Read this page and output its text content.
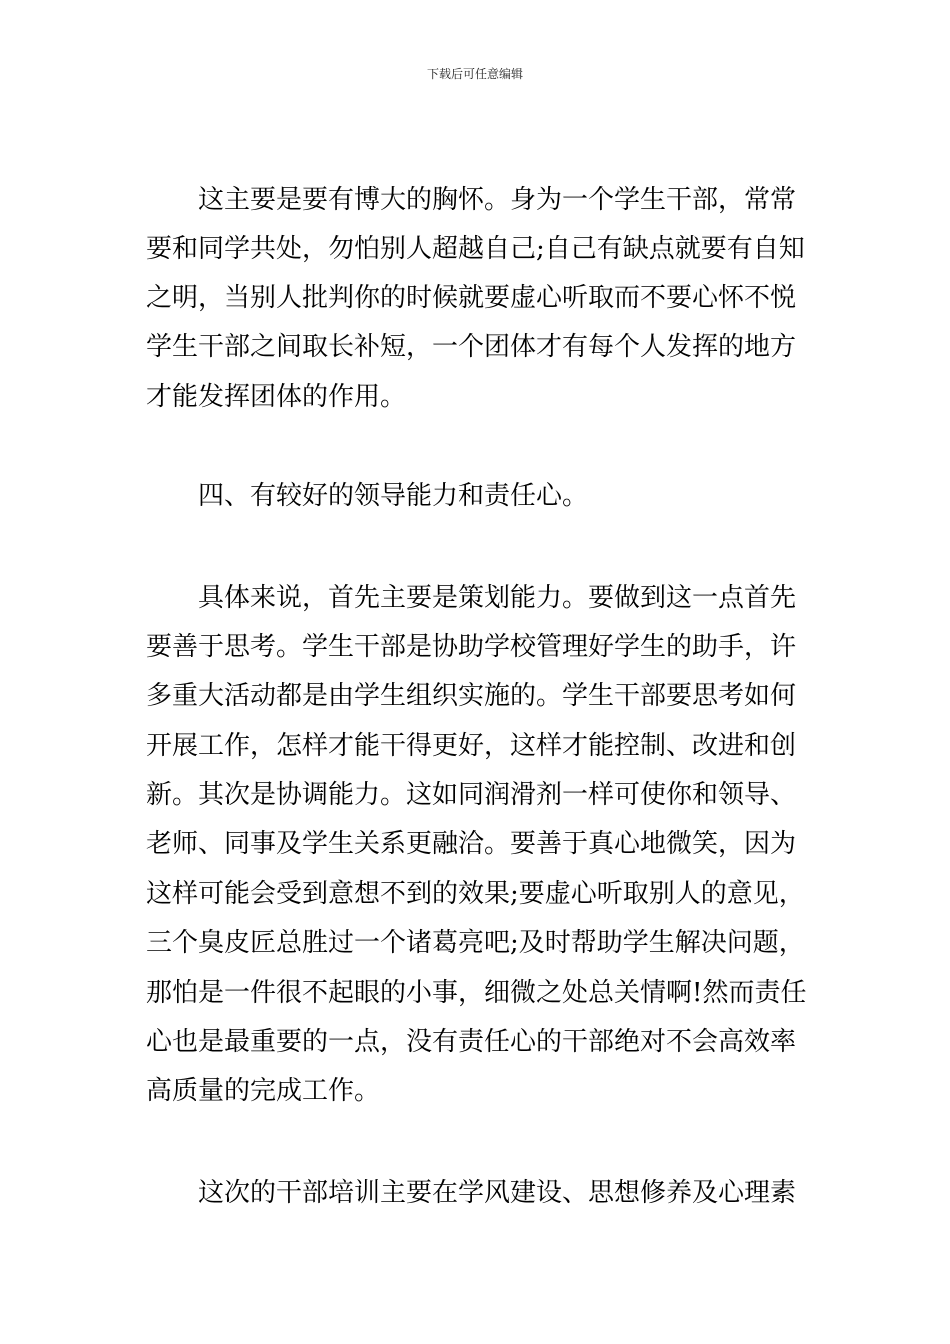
下载后可任意编辑
这主要是要有博大的胸怀。身为一个学生干部，常常
要和同学共处，勿怕别人超越自己;自己有缺点就要有自知
之明，当别人批判你的时候就要虚心听取而不要心怀不悦
学生干部之间取长补短，一个团体才有每个人发挥的地方
才能发挥团体的作用。
四、有较好的领导能力和责任心。
具体来说，首先主要是策划能力。要做到这一点首先
要善于思考。学生干部是协助学校管理好学生的助手，许
多重大活动都是由学生组织实施的。学生干部要思考如何
开展工作，怎样才能干得更好，这样才能控制、改进和创
新。其次是协调能力。这如同润滑剂一样可使你和领导、
老师、同事及学生关系更融洽。要善于真心地微笑，因为
这样可能会受到意想不到的效果;要虚心听取别人的意见，
三个臭皮匠总胜过一个诸葛亮吧;及时帮助学生解决问题，
那怕是一件很不起眼的小事，细微之处总关情啊!然而责任
心也是最重要的一点，没有责任心的干部绝对不会高效率
高质量的完成工作。
这次的干部培训主要在学风建设、思想修养及心理素
